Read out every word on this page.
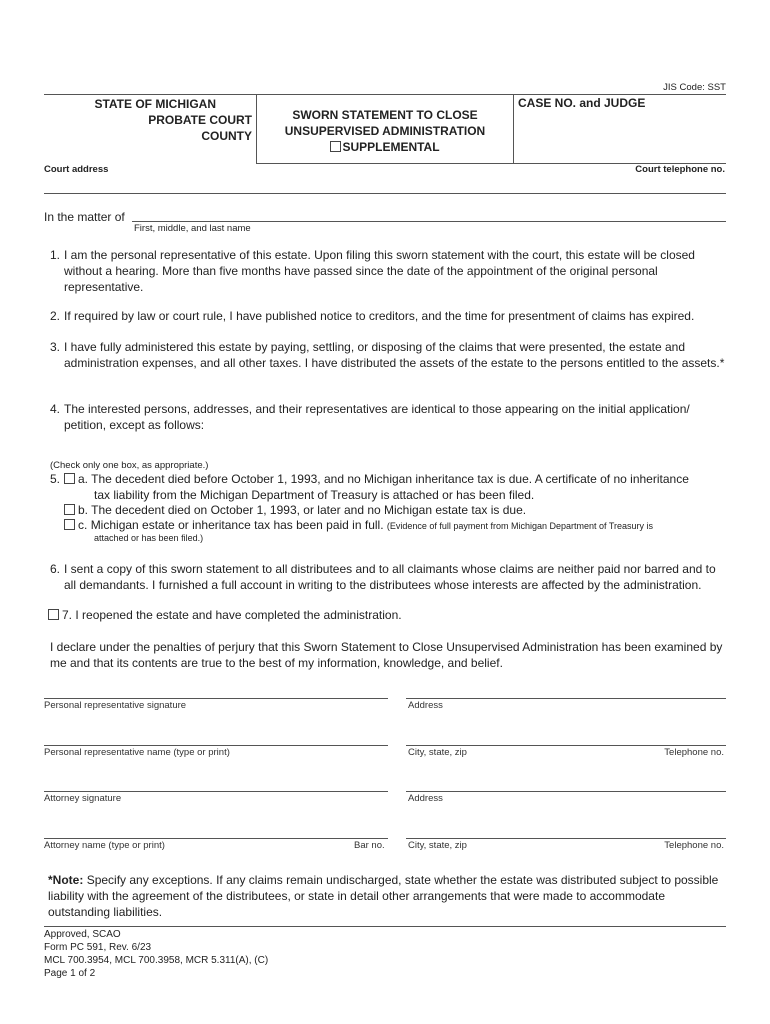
JIS Code: SST
STATE OF MICHIGAN
PROBATE COURT
COUNTY
SWORN STATEMENT TO CLOSE
UNSUPERVISED ADMINISTRATION
SUPPLEMENTAL
CASE NO. and JUDGE
Court address	Court telephone no.
In the matter of
First, middle, and last name
1. I am the personal representative of this estate. Upon filing this sworn statement with the court, this estate will be closed without a hearing. More than five months have passed since the date of the appointment of the original personal representative.
2. If required by law or court rule, I have published notice to creditors, and the time for presentment of claims has expired.
3. I have fully administered this estate by paying, settling, or disposing of the claims that were presented, the estate and administration expenses, and all other taxes. I have distributed the assets of the estate to the persons entitled to the assets.*
4. The interested persons, addresses, and their representatives are identical to those appearing on the initial application/ petition, except as follows:
(Check only one box, as appropriate.)
5.	a. The decedent died before October 1, 1993, and no Michigan inheritance tax is due. A certificate of no inheritance
tax liability from the Michigan Department of Treasury is attached or has been filed.
b. The decedent died on October 1, 1993, or later and no Michigan estate tax is due.
c. Michigan estate or inheritance tax has been paid in full. (Evidence of full payment from Michigan Department of Treasury is
attached or has been filed.)
6. I sent a copy of this sworn statement to all distributees and to all claimants whose claims are neither paid nor barred and to all demandants. I furnished a full account in writing to the distributees whose interests are affected by the administration.
7. I reopened the estate and have completed the administration.
I declare under the penalties of perjury that this Sworn Statement to Close Unsupervised Administration has been examined by me and that its contents are true to the best of my information, knowledge, and belief.
Personal representative signature	Address
Personal representative name (type or print)	City, state, zip	Telephone no.
Attorney signature	Address
Attorney name (type or print)	Bar no. City, state, zip	Telephone no.
*Note: Specify any exceptions. If any claims remain undischarged, state whether the estate was distributed subject to possible liability with the agreement of the distributees, or state in detail other arrangements that were made to accommodate outstanding liabilities.
Approved, SCAO
Form PC 591, Rev. 6/23
MCL 700.3954, MCL 700.3958, MCR 5.311(A), (C)
Page 1 of 2
